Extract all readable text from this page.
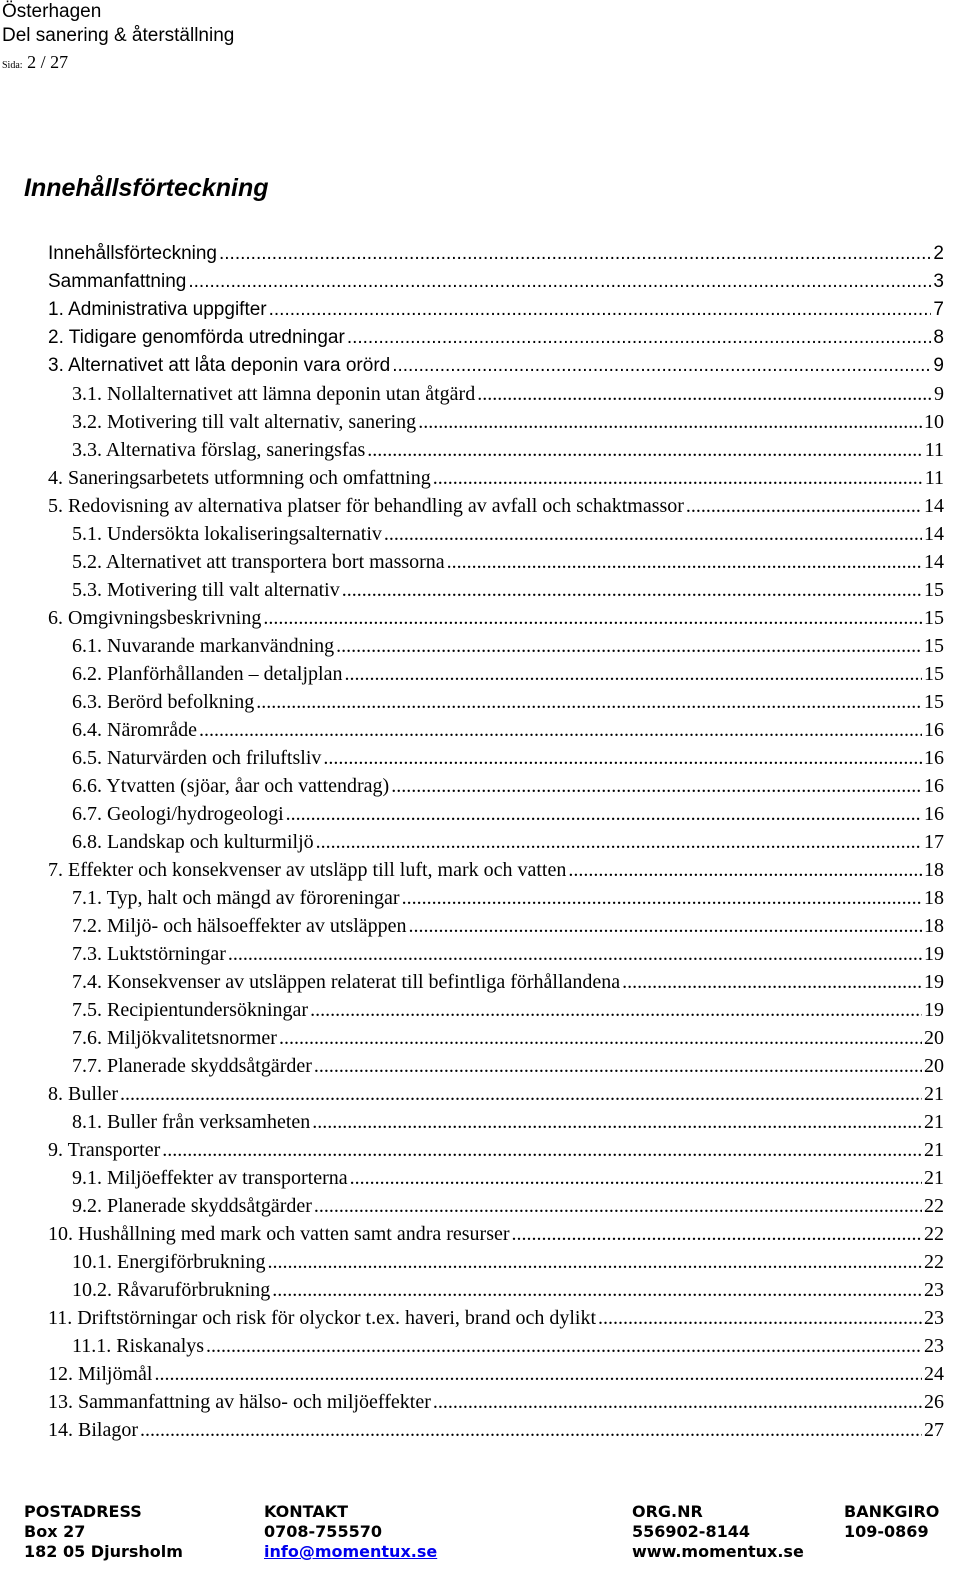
Österhagen
Del sanering & återställning
Sida: 2 / 27
Innehållsförteckning
Innehållsförteckning .....	2
Sammanfattning .....	3
1. Administrativa uppgifter .....	7
2. Tidigare genomförda utredningar .....	8
3. Alternativet att låta deponin vara orörd .....	9
3.1. Nollalternativet att lämna deponin utan åtgärd .....	9
3.2. Motivering till valt alternativ, sanering .....	10
3.3. Alternativa förslag, saneringsfas .....	11
4. Saneringsarbetets utformning och omfattning .....	11
5. Redovisning av alternativa platser för behandling av avfall och schaktmassor .....	14
5.1. Undersökta lokaliseringsalternativ .....	14
5.2. Alternativet att transportera bort massorna .....	14
5.3. Motivering till valt alternativ .....	15
6. Omgivningsbeskrivning .....	15
6.1. Nuvarande markanvändning .....	15
6.2. Planförhållanden – detaljplan .....	15
6.3. Berörd befolkning .....	15
6.4. Närområde .....	16
6.5. Naturvärden och friluftsliv .....	16
6.6. Ytvatten (sjöar, åar och vattendrag) .....	16
6.7. Geologi/hydrogeologi .....	16
6.8. Landskap och kulturmiljö .....	17
7. Effekter och konsekvenser av utsläpp till luft, mark och vatten .....	18
7.1. Typ, halt och mängd av föroreningar .....	18
7.2. Miljö- och hälsoeffekter av utsläppen .....	18
7.3. Luktstörningar .....	19
7.4. Konsekvenser av utsläppen relaterat till befintliga förhållandena .....	19
7.5. Recipientundersökningar .....	19
7.6. Miljökvalitetsnormer .....	20
7.7. Planerade skyddsåtgärder .....	20
8. Buller .....	21
8.1. Buller från verksamheten .....	21
9. Transporter .....	21
9.1. Miljöeffekter av transporterna .....	21
9.2. Planerade skyddsåtgärder .....	22
10. Hushållning med mark och vatten samt andra resurser .....	22
10.1. Energiförbrukning .....	22
10.2. Råvaruförbrukning .....	23
11. Driftstörningar och risk för olyckor t.ex. haveri, brand och dylikt .....	23
11.1. Riskanalys .....	23
12. Miljömål .....	24
13. Sammanfattning av hälso- och miljöeffekter .....	26
14. Bilagor .....	27
POSTADRESS
Box 27
182 05 Djursholm
KONTAKT
0708-755570
info@momentux.se
ORG.NR
556902-8144
www.momentux.se
BANKGIRO
109-0869
